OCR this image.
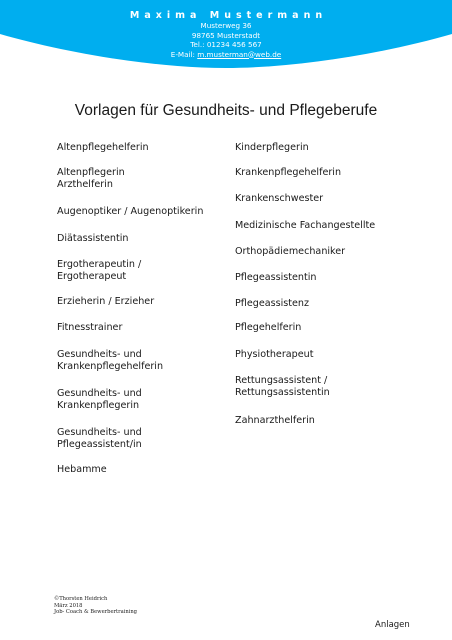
Maxima Mustermann
Musterweg 36
98765 Musterstadt
Tel.: 01234 456 567
E-Mail: m.musterman@web.de
Vorlagen für Gesundheits- und Pflegeberufe
Altenpflegehelferin
Altenpflegerin
Arzthelferin
Augenoptiker / Augenoptikerin
Diätassistentin
Ergotherapeutin /
Ergotherapeut
Erzieherin / Erzieher
Fitnesstrainer
Gesundheits- und
Krankenpflegehelferin
Gesundheits- und
Krankenpflegerin
Gesundheits- und
Pflegeassistent/in
Hebamme
Kinderpflegerin
Krankenpflegehelferin
Krankenschwester
Medizinische Fachangestellte
Orthopädiemechaniker
Pflegeassistentin
Pflegeassistenz
Pflegehelferin
Physiotherapeut
Rettungsassistent /
Rettungsassistentin
Zahnarzthelferin
©Thorsten Heidrich
März 2018
Job- Coach & Bewerbertraining
Anlagen
